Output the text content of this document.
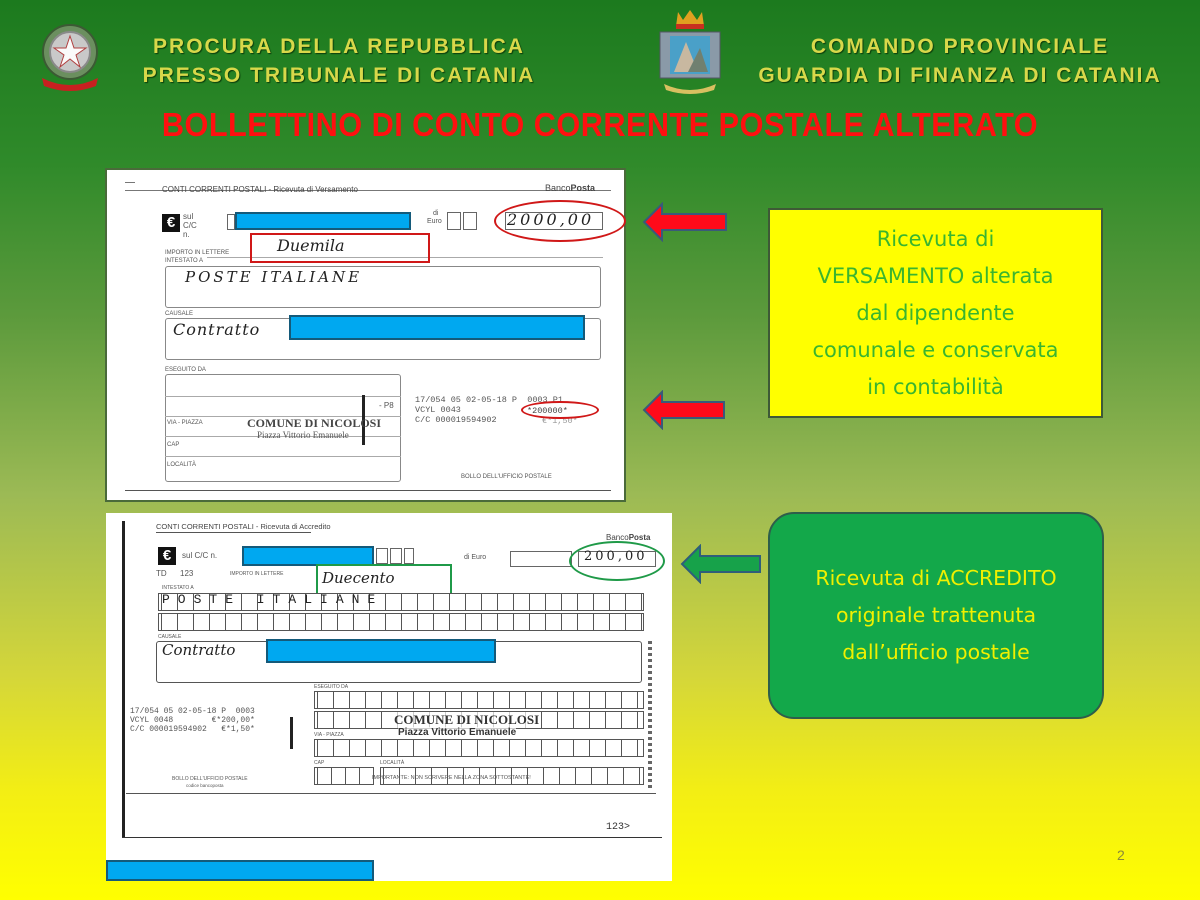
PROCURA DELLA REPUBBLICA
PRESSO TRIBUNALE DI CATANIA
COMANDO PROVINCIALE
GUARDIA DI FINANZA DI CATANIA
BOLLETTINO DI CONTO CORRENTE POSTALE ALTERATO
CONTI CORRENTI POSTALI - Ricevuta di Versamento	BancoPosta
€ sul C/C n.
di
Euro	2000,00
IMPORTO IN LETTERE
INTESTATO A
Duemila
POSTE ITALIANE
CAUSALE
Contratto
ESEGUITO DA
- P8
VIA - PIAZZA
CAP
LOCALITÀ
COMUNE DI NICOLOSI
Piazza Vittorio Emanuele
17/054 05 02-05-18 P  0003 P1
VCYL 0043
C/C 000019594902
*200000*
€*1,50*
BOLLO DELL'UFFICIO POSTALE
CONTI CORRENTI POSTALI - Ricevuta di Accredito
BancoPosta
€	sul C/C n.	di Euro	200,00
TD 123	IMPORTO IN LETTERE	Duecento
INTESTATO A
POSTE ITALIANE
CAUSALE
Contratto
ESEGUITO DA
VIA - PIAZZA
CAP	LOCALITÀ
COMUNE DI NICOLOSI
Piazza Vittorio Emanuele
17/054 05 02-05-18 P  0003
VCYL 0048        €*200,00*
C/C 000019594902   €*1,50*
BOLLO DELL'UFFICIO POSTALE
codice bancoposta
IMPORTANTE: NON SCRIVERE NELLA ZONA SOTTOSTANTE!
123>
Ricevuta di
VERSAMENTO alterata
dal dipendente
comunale e conservata
in contabilità
Ricevuta di ACCREDITO
originale trattenuta
dall’ufficio postale
2
